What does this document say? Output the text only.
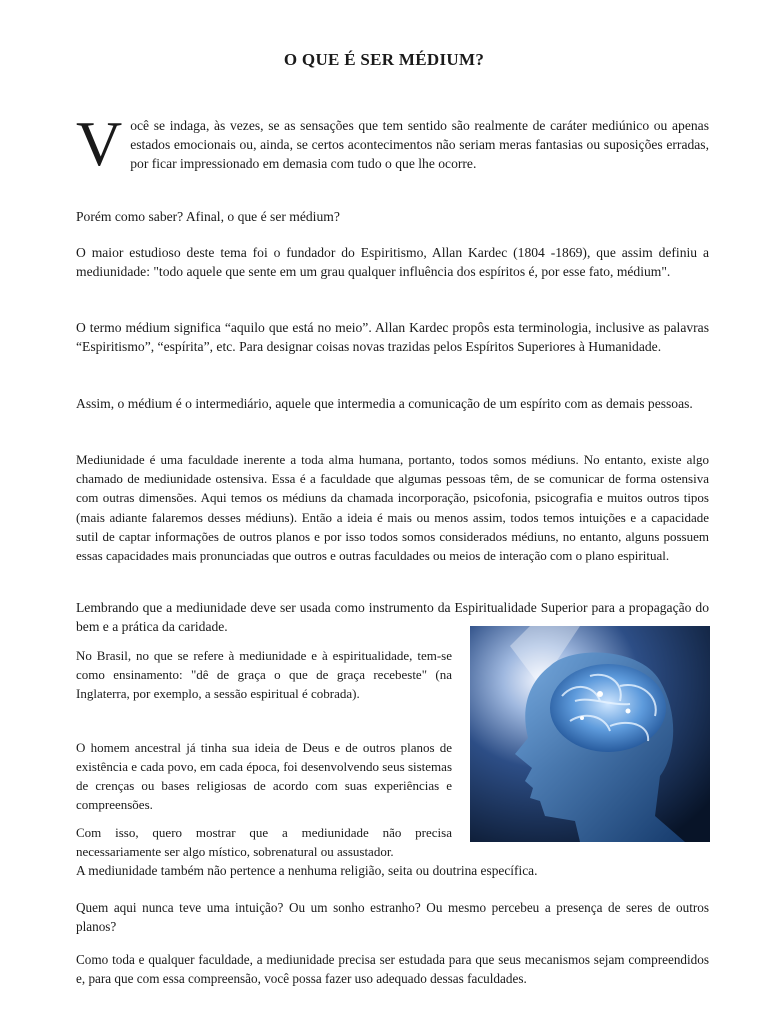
O QUE É SER MÉDIUM?

Você se indaga, às vezes, se as sensações que tem sentido são realmente de caráter mediúnico ou apenas estados emocionais ou, ainda, se certos acontecimentos não seriam meras fantasias ou suposições erradas, por ficar impressionado em demasia com tudo o que lhe ocorre.

Porém como saber? Afinal, o que é ser médium?

O maior estudioso deste tema foi o fundador do Espiritismo, Allan Kardec (1804 -1869), que assim definiu a mediunidade: "todo aquele que sente em um grau qualquer influência dos espíritos é, por esse fato, médium".

O termo médium significa “aquilo que está no meio”. Allan Kardec propôs esta terminologia, inclusive as palavras “Espiritismo”, “espírita”, etc. Para designar coisas novas trazidas pelos Espíritos Superiores à Humanidade.

Assim, o médium é o intermediário, aquele que intermedia a comunicação de um espírito com as demais pessoas.

Mediunidade é uma faculdade inerente a toda alma humana, portanto, todos somos médiuns. No entanto, existe algo chamado de mediunidade ostensiva. Essa é a faculdade que algumas pessoas têm, de se comunicar de forma ostensiva com outras dimensões. Aqui temos os médiuns da chamada incorporação, psicofonia, psicografia e muitos outros tipos (mais adiante falaremos desses médiuns). Então a ideia é mais ou menos assim, todos temos intuições e a capacidade sutil de captar informações de outros planos e por isso todos somos considerados médiuns, no entanto, alguns possuem essas capacidades mais pronunciadas que outros e outras faculdades ou meios de interação com o plano espiritual.

Lembrando que a mediunidade deve ser usada como instrumento da Espiritualidade Superior para a propagação do bem e a prática da caridade.

No Brasil, no que se refere à mediunidade e à espiritualidade, tem-se como ensinamento: "dê de graça o que de graça recebeste" (na Inglaterra, por exemplo, a sessão espiritual é cobrada).

O homem ancestral já tinha sua ideia de Deus e de outros planos de existência e cada povo, em cada época, foi desenvolvendo seus sistemas de crenças ou bases religiosas de acordo com suas experiências e compreensões.

Com isso, quero mostrar que a mediunidade não precisa necessariamente ser algo místico, sobrenatural ou assustador.

A mediunidade também não pertence a nenhuma religião, seita ou doutrina específica.

Quem aqui nunca teve uma intuição? Ou um sonho estranho? Ou mesmo percebeu a presença de seres de outros planos?

Como toda e qualquer faculdade, a mediunidade precisa ser estudada para que seus mecanismos sejam compreendidos e, para que com essa compreensão, você possa fazer uso adequado dessas faculdades.
